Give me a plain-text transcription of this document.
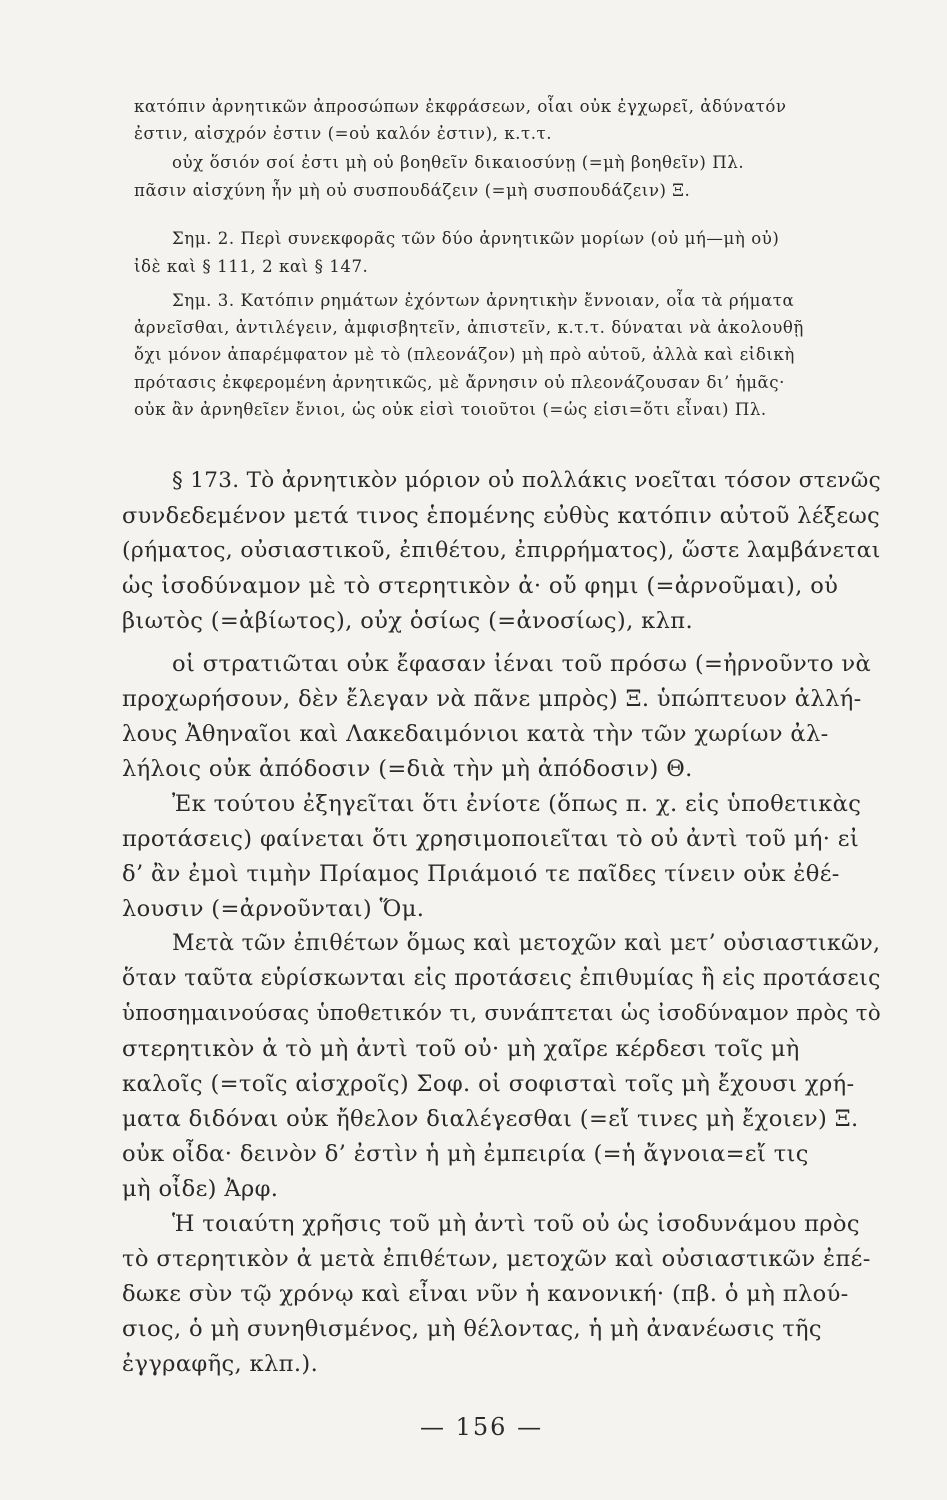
κατόπιν ἀρνητικῶν ἀπροσώπων ἐκφράσεων, οἷαι οὐκ ἐγχωρεῖ, ἀδύνατόν
ἐστιν, αἰσχρόν ἐστιν (=οὐ καλόν ἐστιν), κ.τ.τ.
οὐχ ὅσιόν σοί ἐστι μὴ οὐ βοηθεῖν δικαιοσύνῃ (=μὴ βοηθεῖν) Πλ.
πᾶσιν αἰσχύνη ἦν μὴ οὐ συσπουδάζειν (=μὴ συσπουδάζειν) Ξ.
Σημ. 2. Περὶ συνεκφορᾶς τῶν δύο ἀρνητικῶν μορίων (οὐ μή—μὴ οὐ)
ἰδὲ καὶ § 111, 2 καὶ § 147.
Σημ. 3. Κατόπιν ρημάτων ἐχόντων ἀρνητικὴν ἔννοιαν, οἷα τὰ ρήματα
ἀρνεῖσθαι, ἀντιλέγειν, ἀμφισβητεῖν, ἀπιστεῖν, κ.τ.τ. δύναται νὰ ἀκολουθῇ
ὄχι μόνον ἀπαρέμφατον μὲ τὸ (πλεονάζον) μὴ πρὸ αὐτοῦ, ἀλλὰ καὶ εἰδικὴ
πρότασις ἐκφερομένη ἀρνητικῶς, μὲ ἄρνησιν οὐ πλεονάζουσαν δι’ ἡμᾶς·
οὐκ ἂν ἀρνηθεῖεν ἔνιοι, ὡς οὐκ εἰσὶ τοιοῦτοι (=ὡς εἰσι=ὅτι εἶναι) Πλ.
§ 173. Τὸ ἀρνητικὸν μόριον οὐ πολλάκις νοεῖται τόσον στενῶς
συνδεδεμένον μετά τινος ἑπομένης εὐθὺς κατόπιν αὐτοῦ λέξεως
(ρήματος, οὐσιαστικοῦ, ἐπιθέτου, ἐπιρρήματος), ὥστε λαμβάνεται
ὡς ἰσοδύναμον μὲ τὸ στερητικὸν ἀ· οὔ φημι (=ἀρνοῦμαι), οὐ
βιωτὸς (=ἀβίωτος), οὐχ ὁσίως (=ἀνοσίως), κλπ.
οἱ στρατιῶται οὐκ ἔφασαν ἰέναι τοῦ πρόσω (=ἠρνοῦντο νὰ
προχωρήσουν, δὲν ἔλεγαν νὰ πᾶνε μπρὸς) Ξ. ὑπώπτευον ἀλλή-
λους Ἀθηναῖοι καὶ Λακεδαιμόνιοι κατὰ τὴν τῶν χωρίων ἀλ-
λήλοις οὐκ ἀπόδοσιν (=διὰ τὴν μὴ ἀπόδοσιν) Θ.
Ἐκ τούτου ἐξηγεῖται ὅτι ἐνίοτε (ὅπως π. χ. εἰς ὑποθετικὰς
προτάσεις) φαίνεται ὅτι χρησιμοποιεῖται τὸ οὐ ἀντὶ τοῦ μή· εἰ
δ’ ἂν ἐμοὶ τιμὴν Πρίαμος Πριάμοιό τε παῖδες τίνειν οὐκ ἐθέ-
λουσιν (=ἀρνοῦνται) Ὅμ.
Μετὰ τῶν ἐπιθέτων ὅμως καὶ μετοχῶν καὶ μετ’ οὐσιαστικῶν,
ὅταν ταῦτα εὑρίσκωνται εἰς προτάσεις ἐπιθυμίας ἢ εἰς προτάσεις
ὑποσημαινούσας ὑποθετικόν τι, συνάπτεται ὡς ἰσοδύναμον πρὸς τὸ
στερητικὸν ἀ τὸ μὴ ἀντὶ τοῦ οὐ· μὴ χαῖρε κέρδεσι τοῖς μὴ
καλοῖς (=τοῖς αἰσχροῖς) Σοφ. οἱ σοφισταὶ τοῖς μὴ ἔχουσι χρή-
ματα διδόναι οὐκ ἤθελον διαλέγεσθαι (=εἴ τινες μὴ ἔχοιεν) Ξ.
οὐκ οἶδα· δεινὸν δ’ ἐστὶν ἡ μὴ ἐμπειρία (=ἡ ἄγνοια=εἴ τις
μὴ οἶδε) Ἀρφ.
Ἡ τοιαύτη χρῆσις τοῦ μὴ ἀντὶ τοῦ οὐ ὡς ἰσοδυνάμου πρὸς
τὸ στερητικὸν ἀ μετὰ ἐπιθέτων, μετοχῶν καὶ οὐσιαστικῶν ἐπέ-
δωκε σὺν τῷ χρόνῳ καὶ εἶναι νῦν ἡ κανονική· (πβ. ὁ μὴ πλού-
σιος, ὁ μὴ συνηθισμένος, μὴ θέλοντας, ἡ μὴ ἀνανέωσις τῆς
ἐγγραφῆς, κλπ.).
— 156 —
